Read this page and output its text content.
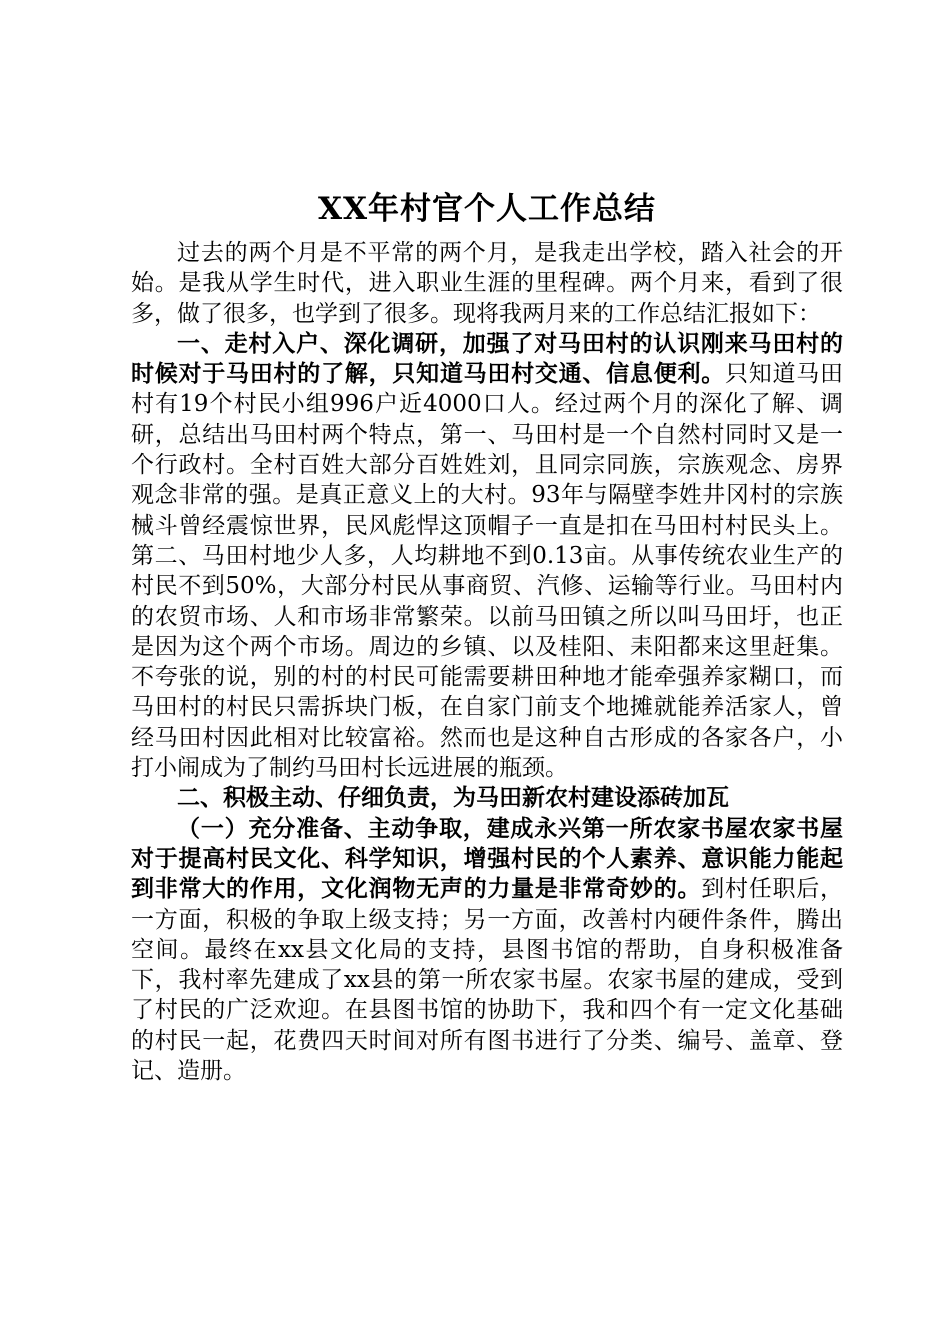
XX年村官个人工作总结

过去的两个月是不平常的两个月，是我走出学校，踏入社会的开始。是我从学生时代，进入职业生涯的里程碑。两个月来，看到了很多，做了很多，也学到了很多。现将我两月来的工作总结汇报如下：

一、走村入户、深化调研，加强了对马田村的认识刚来马田村的时候对于马田村的了解，只知道马田村交通、信息便利。只知道马田村有19个村民小组996户近4000口人。经过两个月的深化了解、调研，总结出马田村两个特点，第一、马田村是一个自然村同时又是一个行政村。全村百姓大部分百姓姓刘，且同宗同族，宗族观念、房界观念非常的强。是真正意义上的大村。93年与隔壁李姓井冈村的宗族械斗曾经震惊世界，民风彪悍这顶帽子一直是扣在马田村村民头上。第二、马田村地少人多，人均耕地不到0.13亩。从事传统农业生产的村民不到50%，大部分村民从事商贸、汽修、运输等行业。马田村内的农贸市场、人和市场非常繁荣。以前马田镇之所以叫马田圩，也正是因为这个两个市场。周边的乡镇、以及桂阳、耒阳都来这里赶集。不夸张的说，别的村的村民可能需要耕田种地才能牵强养家糊口，而马田村的村民只需拆块门板，在自家门前支个地摊就能养活家人，曾经马田村因此相对比较富裕。然而也是这种自古形成的各家各户，小打小闹成为了制约马田村长远进展的瓶颈。

二、积极主动、仔细负责，为马田新农村建设添砖加瓦

（一）充分准备、主动争取，建成永兴第一所农家书屋农家书屋对于提高村民文化、科学知识，增强村民的个人素养、意识能力能起到非常大的作用，文化润物无声的力量是非常奇妙的。到村任职后，一方面，积极的争取上级支持；另一方面，改善村内硬件条件，腾出空间。最终在xx县文化局的支持，县图书馆的帮助，自身积极准备下，我村率先建成了xx县的第一所农家书屋。农家书屋的建成，受到了村民的广泛欢迎。在县图书馆的协助下，我和四个有一定文化基础的村民一起，花费四天时间对所有图书进行了分类、编号、盖章、登记、造册。
